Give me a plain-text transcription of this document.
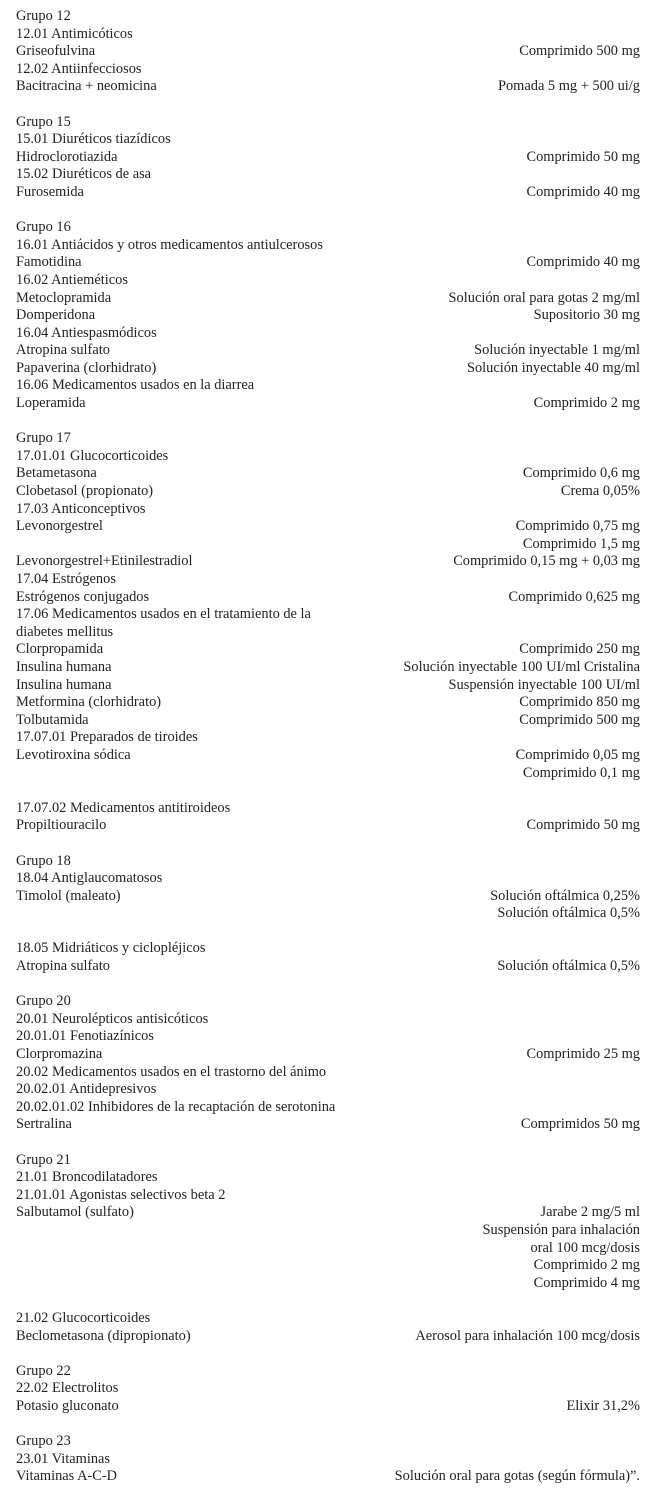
Grupo 12
12.01 Antimicóticos
Griseofulvina	Comprimido 500 mg
12.02 Antiinfecciosos
Bacitracina + neomicina	Pomada 5 mg + 500 ui/g
Grupo 15
15.01 Diuréticos tiazídicos
Hidroclorotiazida	Comprimido 50 mg
15.02 Diuréticos de asa
Furosemida	Comprimido 40 mg
Grupo 16
16.01 Antiácidos y otros medicamentos antiulcerosos
Famotidina	Comprimido 40 mg
16.02 Antieméticos
Metoclopramida	Solución oral para gotas 2 mg/ml
Domperidona	Supositorio 30 mg
16.04 Antiespasmódicos
Atropina sulfato	Solución inyectable 1 mg/ml
Papaverina (clorhidrato)	Solución inyectable 40 mg/ml
16.06 Medicamentos usados en la diarrea
Loperamida	Comprimido 2 mg
Grupo 17
17.01.01 Glucocorticoides
Betametasona	Comprimido 0,6 mg
Clobetasol (propionato)	Crema 0,05%
17.03 Anticonceptivos
Levonorgestrel	Comprimido 0,75 mg
Comprimido 1,5 mg
Levonorgestrel+Etinilestradiol	Comprimido 0,15 mg + 0,03 mg
17.04 Estrógenos
Estrógenos conjugados	Comprimido 0,625 mg
17.06 Medicamentos usados en el tratamiento de la diabetes mellitus
Clorpropamida	Comprimido 250 mg
Insulina humana	Solución inyectable 100 UI/ml Cristalina
Insulina humana	Suspensión inyectable 100 UI/ml
Metformina (clorhidrato)	Comprimido 850 mg
Tolbutamida	Comprimido 500 mg
17.07.01 Preparados de tiroides
Levotiroxina sódica	Comprimido 0,05 mg
Comprimido 0,1 mg
17.07.02 Medicamentos antitiroideos
Propiltiouracilo	Comprimido 50 mg
Grupo 18
18.04 Antiglaucomatosos
Timolol (maleato)	Solución oftálmica 0,25%
Solución oftálmica 0,5%
18.05 Midriáticos y ciclopléjicos
Atropina sulfato	Solución oftálmica 0,5%
Grupo 20
20.01 Neurolépticos antisicóticos
20.01.01 Fenotiazínicos
Clorpromazina	Comprimido 25 mg
20.02 Medicamentos usados en el trastorno del ánimo
20.02.01 Antidepresivos
20.02.01.02 Inhibidores de la recaptación de serotonina
Sertralina	Comprimidos 50 mg
Grupo 21
21.01 Broncodilatadores
21.01.01 Agonistas selectivos beta 2
Salbutamol (sulfato)	Jarabe 2 mg/5 ml
Suspensión para inhalación
oral 100 mcg/dosis
Comprimido 2 mg
Comprimido 4 mg
21.02 Glucocorticoides
Beclometasona (dipropionato)	Aerosol para inhalación 100 mcg/dosis
Grupo 22
22.02 Electrolitos
Potasio gluconato	Elixir 31,2%
Grupo 23
23.01 Vitaminas
Vitaminas A-C-D	Solución oral para gotas (según fórmula)”.
